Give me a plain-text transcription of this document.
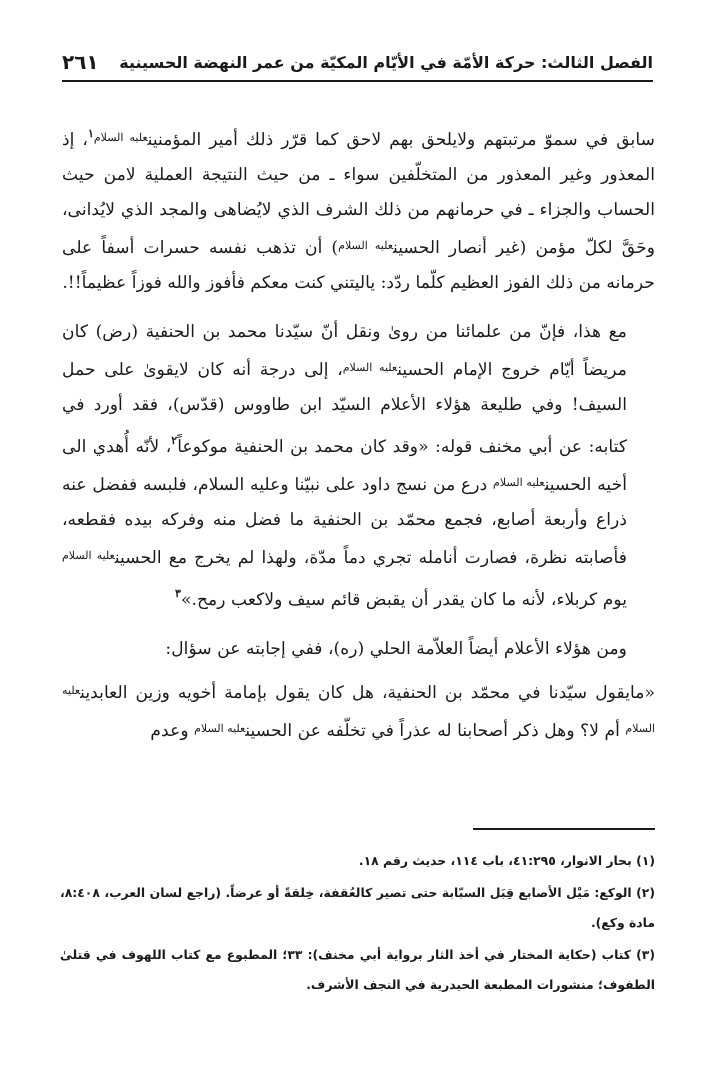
الفصل الثالث: حركة الأمّة في الأيّام المكيّة من عمر النهضة الحسينية
٢٦١

سابق في سموّ مرتبتهم ولايلحق بهم لاحق كما قرّر ذلك أمير المؤمنين$^{عليه السلام١}$، إذ المعذور وغير المعذور من المتخلّفين سواء ـ من حيث النتيجة العملية لامن حيث الحساب والجزاء ـ في حرمانهم من ذلك الشرف الذي لايُضاهى والمجد الذي لايُدانى، وحَقَّ لكلّ مؤمن (غير أنصار الحسين$^{عليه السلام}$) أن تذهب نفسه حسرات أسفاً على حرمانه من ذلك الفوز العظيم كلّما ردّد: ياليتني كنت معكم فأفوز والله فوزاً عظيماً!!.

مع هذا، فإنّ من علمائنا من روىٰ ونقل أنّ سيّدنا محمد بن الحنفية (رض) كان مريضاً أيّام خروج الإمام الحسين$^{عليه السلام}$، إلى درجة أنه كان لايقوىٰ على حمل السيف! وفي طليعة هؤلاء الأعلام السيّد ابن طاووس (قدّس)، فقد أورد في كتابه: عن أبي مخنف قوله: «وقد كان محمد بن الحنفية موكوعاً$^٢$، لأنّه أُهدي الى أخيه الحسين$^{عليه السلام}$ درع من نسج داود على نبيّنا وعليه السلام، فلبسه ففضل عنه ذراع وأربعة أصابع، فجمع محمّد بن الحنفية ما فضل منه وفركه بيده فقطعه، فأصابته نظرة، فصارت أنامله تجري دماً مدّة، ولهذا لم يخرج مع الحسين$^{عليه السلام}$ يوم كربلاء، لأنه ما كان يقدر أن يقبض قائم سيف ولاكعب رمح.»$^٣$

ومن هؤلاء الأعلام أيضاً العلاّمة الحلي (ره)، ففي إجابته عن سؤال:

«مايقول سيّدنا في محمّد بن الحنفية، هل كان يقول بإمامة أخويه وزين العابدين$^{عليه السلام}$ أم لا؟ وهل ذكر أصحابنا له عذراً في تخلّفه عن الحسين$^{عليه السلام}$ وعدم

(١) بحار الانوار، ٤١:٢٩٥، باب ١١٤، حديث رقم ١٨.

(٢) الوكع: مَيْل الأصابع قِبَل السبّابة حتى تصير كالعُقفة، خِلقةً أو عرضاً. (راجع لسان العرب، ٨:٤٠٨، مادة وكع).

(٣) كتاب (حكاية المختار في أخذ الثار برواية أبي مخنف): ٣٣؛ المطبوع مع كتاب اللهوف في قتلىٰ الطفوف؛ منشورات المطبعة الحيدرية في النجف الأشرف.
